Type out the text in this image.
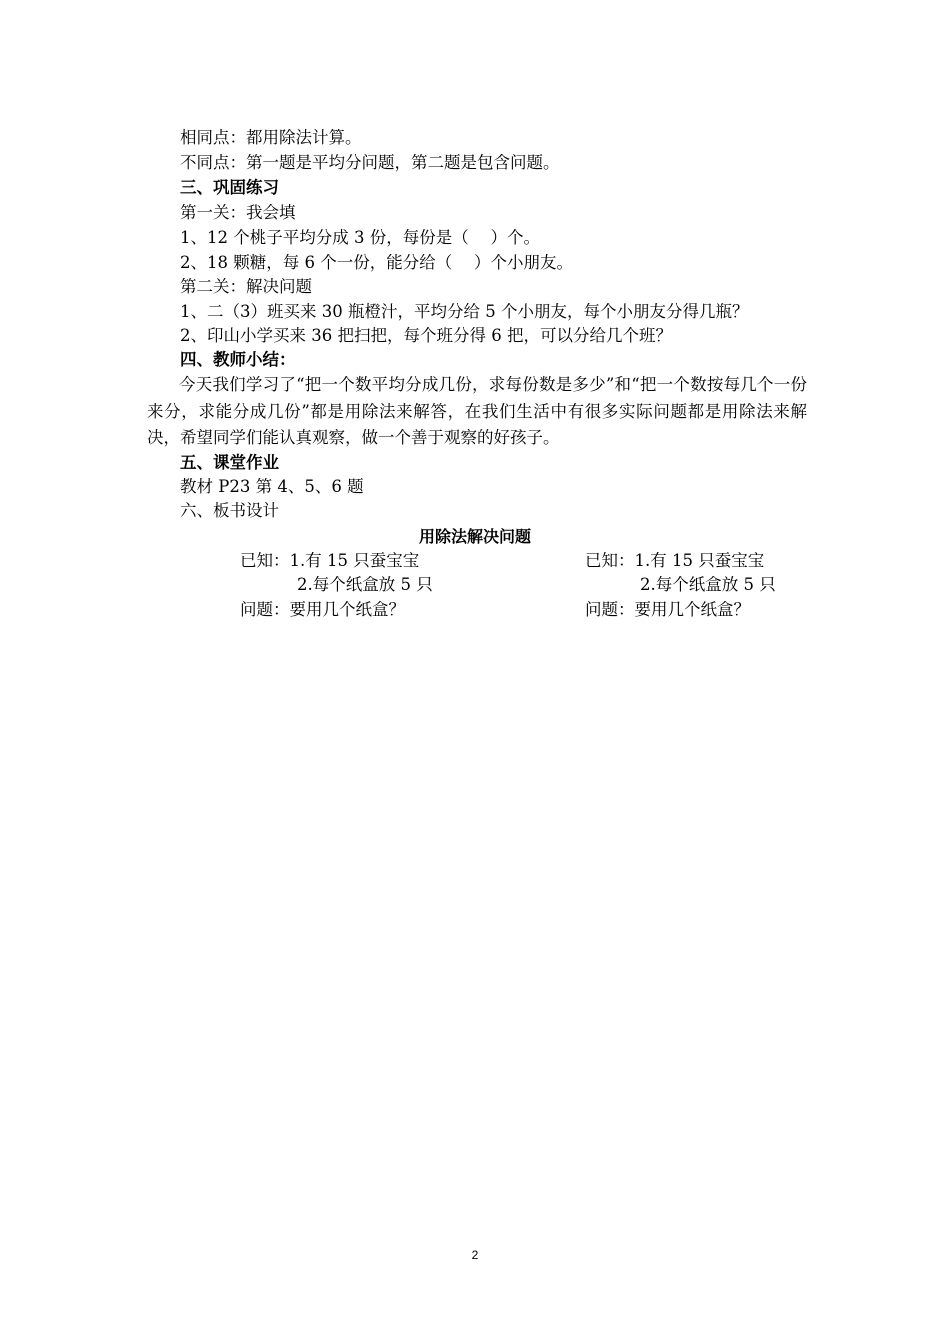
相同点：都用除法计算。
不同点：第一题是平均分问题，第二题是包含问题。
三、巩固练习
第一关：我会填
1、12 个桃子平均分成 3 份，每份是（　 ）个。
2、18 颗糖，每 6 个一份，能分给（　 ）个小朋友。
第二关：解决问题
1、二（3）班买来 30 瓶橙汁，平均分给 5 个小朋友，每个小朋友分得几瓶？
2、印山小学买来 36 把扫把，每个班分得 6 把，可以分给几个班？
四、教师小结：
今天我们学习了“把一个数平均分成几份，求每份数是多少”和“把一个数按每几个一份来分，求能分成几份”都是用除法来解答，在我们生活中有很多实际问题都是用除法来解决，希望同学们能认真观察，做一个善于观察的好孩子。
五、课堂作业
教材 P23 第 4、5、6 题
六、板书设计
用除法解决问题
已知：1.有 15 只蚕宝宝
2.每个纸盒放 5 只
问题：要用几个纸盒？
已知：1.有 15 只蚕宝宝
2.每个纸盒放 5 只
问题：要用几个纸盒？
2
